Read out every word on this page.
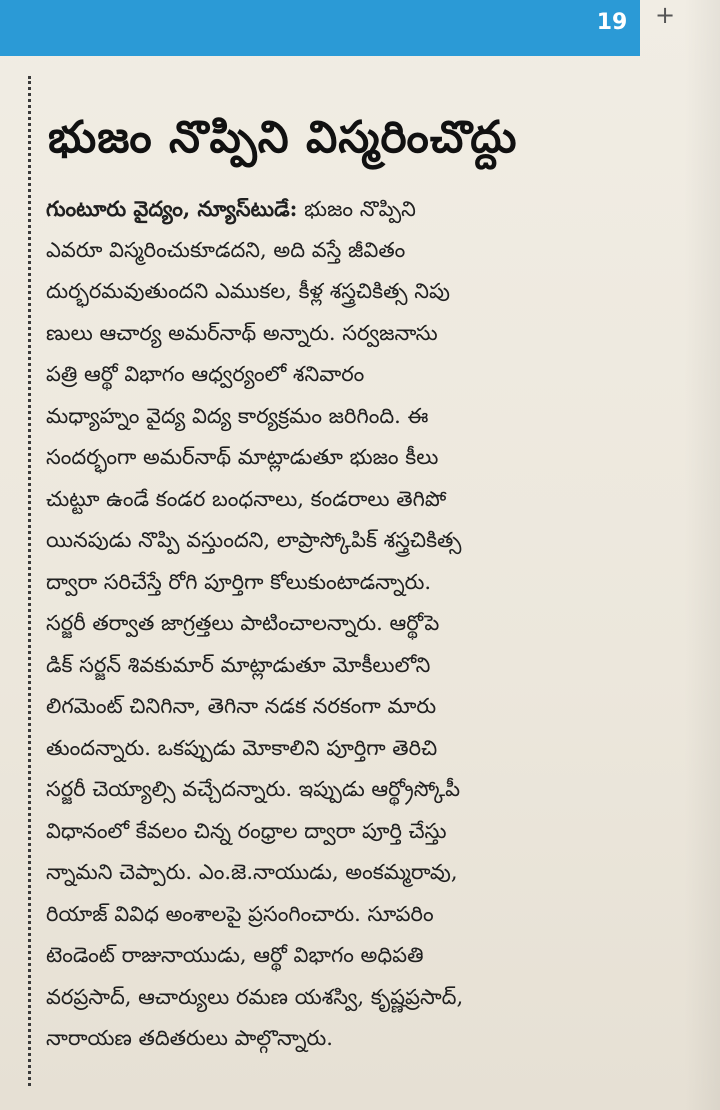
19 +
భుజం నొప్పిని విస్మరించొద్దు
గుంటూరు వైద్యం, న్యూస్‌టుడే: భుజం నొప్పిని
ఎవరూ విస్మరించుకూడదని, అది వస్తే జీవితం
దుర్భరమవుతుందని ఎముకల, కీళ్ల శస్త్రచికిత్స నిపు
ణులు ఆచార్య అమర్‌నాథ్ అన్నారు. సర్వజనాసు
పత్రి ఆర్థో విభాగం ఆధ్వర్యంలో శనివారం
మధ్యాహ్నం వైద్య విద్య కార్యక్రమం జరిగింది. ఈ
సందర్భంగా అమర్‌నాథ్ మాట్లాడుతూ భుజం కీలు
చుట్టూ ఉండే కండర బంధనాలు, కండరాలు తెగిపో
యినపుడు నొప్పి వస్తుందని, లాప్రాస్కోపిక్ శస్త్రచికిత్స
ద్వారా సరిచేస్తే రోగి పూర్తిగా కోలుకుంటాడన్నారు.
సర్జరీ తర్వాత జాగ్రత్తలు పాటించాలన్నారు. ఆర్థోపె
డిక్ సర్జన్ శివకుమార్ మాట్లాడుతూ మోకీలులోని
లిగమెంట్ చినిగినా, తెగినా నడక నరకంగా మారు
తుందన్నారు. ఒకప్పుడు మోకాలిని పూర్తిగా తెరిచి
సర్జరీ చెయ్యాల్సి వచ్చేదన్నారు. ఇప్పుడు ఆర్థ్రోస్కోపీ
విధానంలో కేవలం చిన్న రంధ్రాల ద్వారా పూర్తి చేస్తు
న్నామని చెప్పారు. ఎం.జె.నాయుడు, అంకమ్మరావు,
రియాజ్ వివిధ అంశాలపై ప్రసంగించారు. సూపరిం
టెండెంట్ రాజునాయుడు, ఆర్థో విభాగం అధిపతి
వరప్రసాద్, ఆచార్యులు రమణ యశస్వి, కృష్ణప్రసాద్,
నారాయణ తదితరులు పాల్గొన్నారు.
